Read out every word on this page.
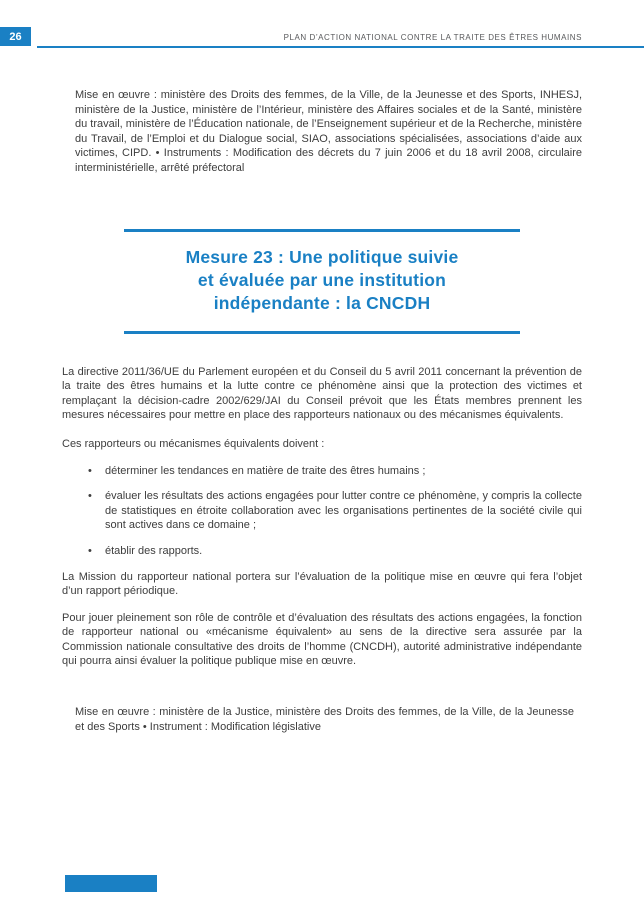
26	PLAN D’ACTION NATIONAL CONTRE LA TRAITE DES ÊTRES HUMAINS

Mise en œuvre : ministère des Droits des femmes, de la Ville, de la Jeunesse et des Sports, INHESJ, ministère de la Justice, ministère de l’Intérieur, ministère des Affaires sociales et de la Santé, ministère du travail, ministère de l’Éducation nationale, de l’Enseignement supérieur et de la Recherche, ministère du Travail, de l’Emploi et du Dialogue social, SIAO, associations spécialisées, associations d’aide aux victimes, CIPD. • Instruments : Modification des décrets du 7 juin 2006 et du 18 avril 2008, circulaire interministérielle, arrêté préfectoral

Mesure 23 : Une politique suivie
et évaluée par une institution
indépendante : la CNCDH

La directive 2011/36/UE du Parlement européen et du Conseil du 5 avril 2011 concernant la prévention de la traite des êtres humains et la lutte contre ce phénomène ainsi que la protection des victimes et remplaçant la décision-cadre 2002/629/JAI du Conseil prévoit que les États membres prennent les mesures nécessaires pour mettre en place des rapporteurs nationaux ou des mécanismes équivalents.

Ces rapporteurs ou mécanismes équivalents doivent :

• déterminer les tendances en matière de traite des êtres humains ;
• évaluer les résultats des actions engagées pour lutter contre ce phénomène, y compris la collecte de statistiques en étroite collaboration avec les organisations pertinentes de la société civile qui sont actives dans ce domaine ;
• établir des rapports.

La Mission du rapporteur national portera sur l’évaluation de la politique mise en œuvre qui fera l’objet d’un rapport périodique.

Pour jouer pleinement son rôle de contrôle et d’évaluation des résultats des actions engagées, la fonction de rapporteur national ou «mécanisme équivalent» au sens de la directive sera assurée par la Commission nationale consultative des droits de l’homme (CNCDH), autorité administrative indépendante qui pourra ainsi évaluer la politique publique mise en œuvre.

Mise en œuvre : ministère de la Justice, ministère des Droits des femmes, de la Ville, de la Jeunesse et des Sports • Instrument : Modification législative
